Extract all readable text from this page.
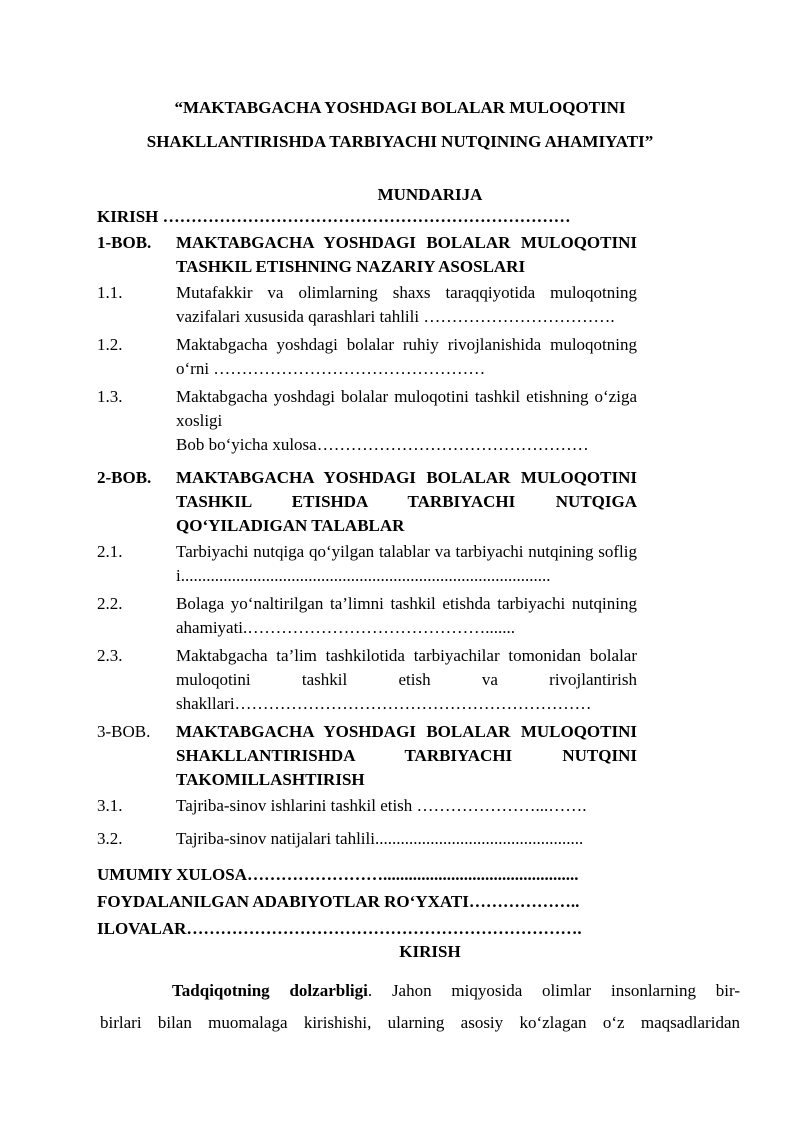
“MAKTABGACHA YOSHDAGI BOLALAR MULOQOTINI
SHAKLLANTIRISHDA TARBIYACHI NUTQINING AHAMIYATI”
MUNDARIJA
KIRISH ………………………………………………………………
1-BOB.	MAKTABGACHA YOSHDAGI BOLALAR MULOQOTINI TASHKIL ETISHNING NAZARIY ASOSLARI
1.1.	Mutafakkir va olimlarning shaxs taraqqiyotida muloqotning vazifalari xususida qarashlari tahlili …………………………….
1.2.	Maktabgacha yoshdagi bolalar ruhiy rivojlanishida muloqotning o‘rni …………………………………………
1.3.	Maktabgacha yoshdagi bolalar muloqotini tashkil etishning o‘ziga xosligi
Bob bo‘yicha xulosa…………………………………………
2-BOB.	MAKTABGACHA YOSHDAGI BOLALAR MULOQOTINI TASHKIL ETISHDA TARBIYACHI NUTQIGA QO‘YILADIGAN TALABLAR
2.1.	Tarbiyachi nutqiga qo‘yilgan talablar va tarbiyachi nutqining sofligi.......................................................................................
2.2.	Bolaga yo‘naltirilgan ta’limni tashkil etishda tarbiyachi nutqining ahamiyati.…………………………………….......
2.3.	Maktabgacha ta’lim tashkilotida tarbiyachilar tomonidan bolalar muloqotini tashkil etish va rivojlantirish shakllari………………………………………………………
3-BOB.	MAKTABGACHA YOSHDAGI BOLALAR MULOQOTINI SHAKLLANTIRISHDA TARBIYACHI NUTQINI TAKOMILLASHTIRISH
3.1.	Tajriba-sinov ishlarini tashkil etish …………………...…….
3.2.	Tajriba-sinov natijalari tahlili.................................................
UMUMIY XULOSA……………………..............................................
FOYDALANILGAN ADABIYOTLAR RO‘YXATI………………..
ILOVALAR…………………………………………………………….
KIRISH
Tadqiqotning dolzarbligi. Jahon miqyosida olimlar insonlarning bir-
birlari bilan muomalaga kirishishi, ularning asosiy ko‘zlagan o‘z maqsadlaridan
